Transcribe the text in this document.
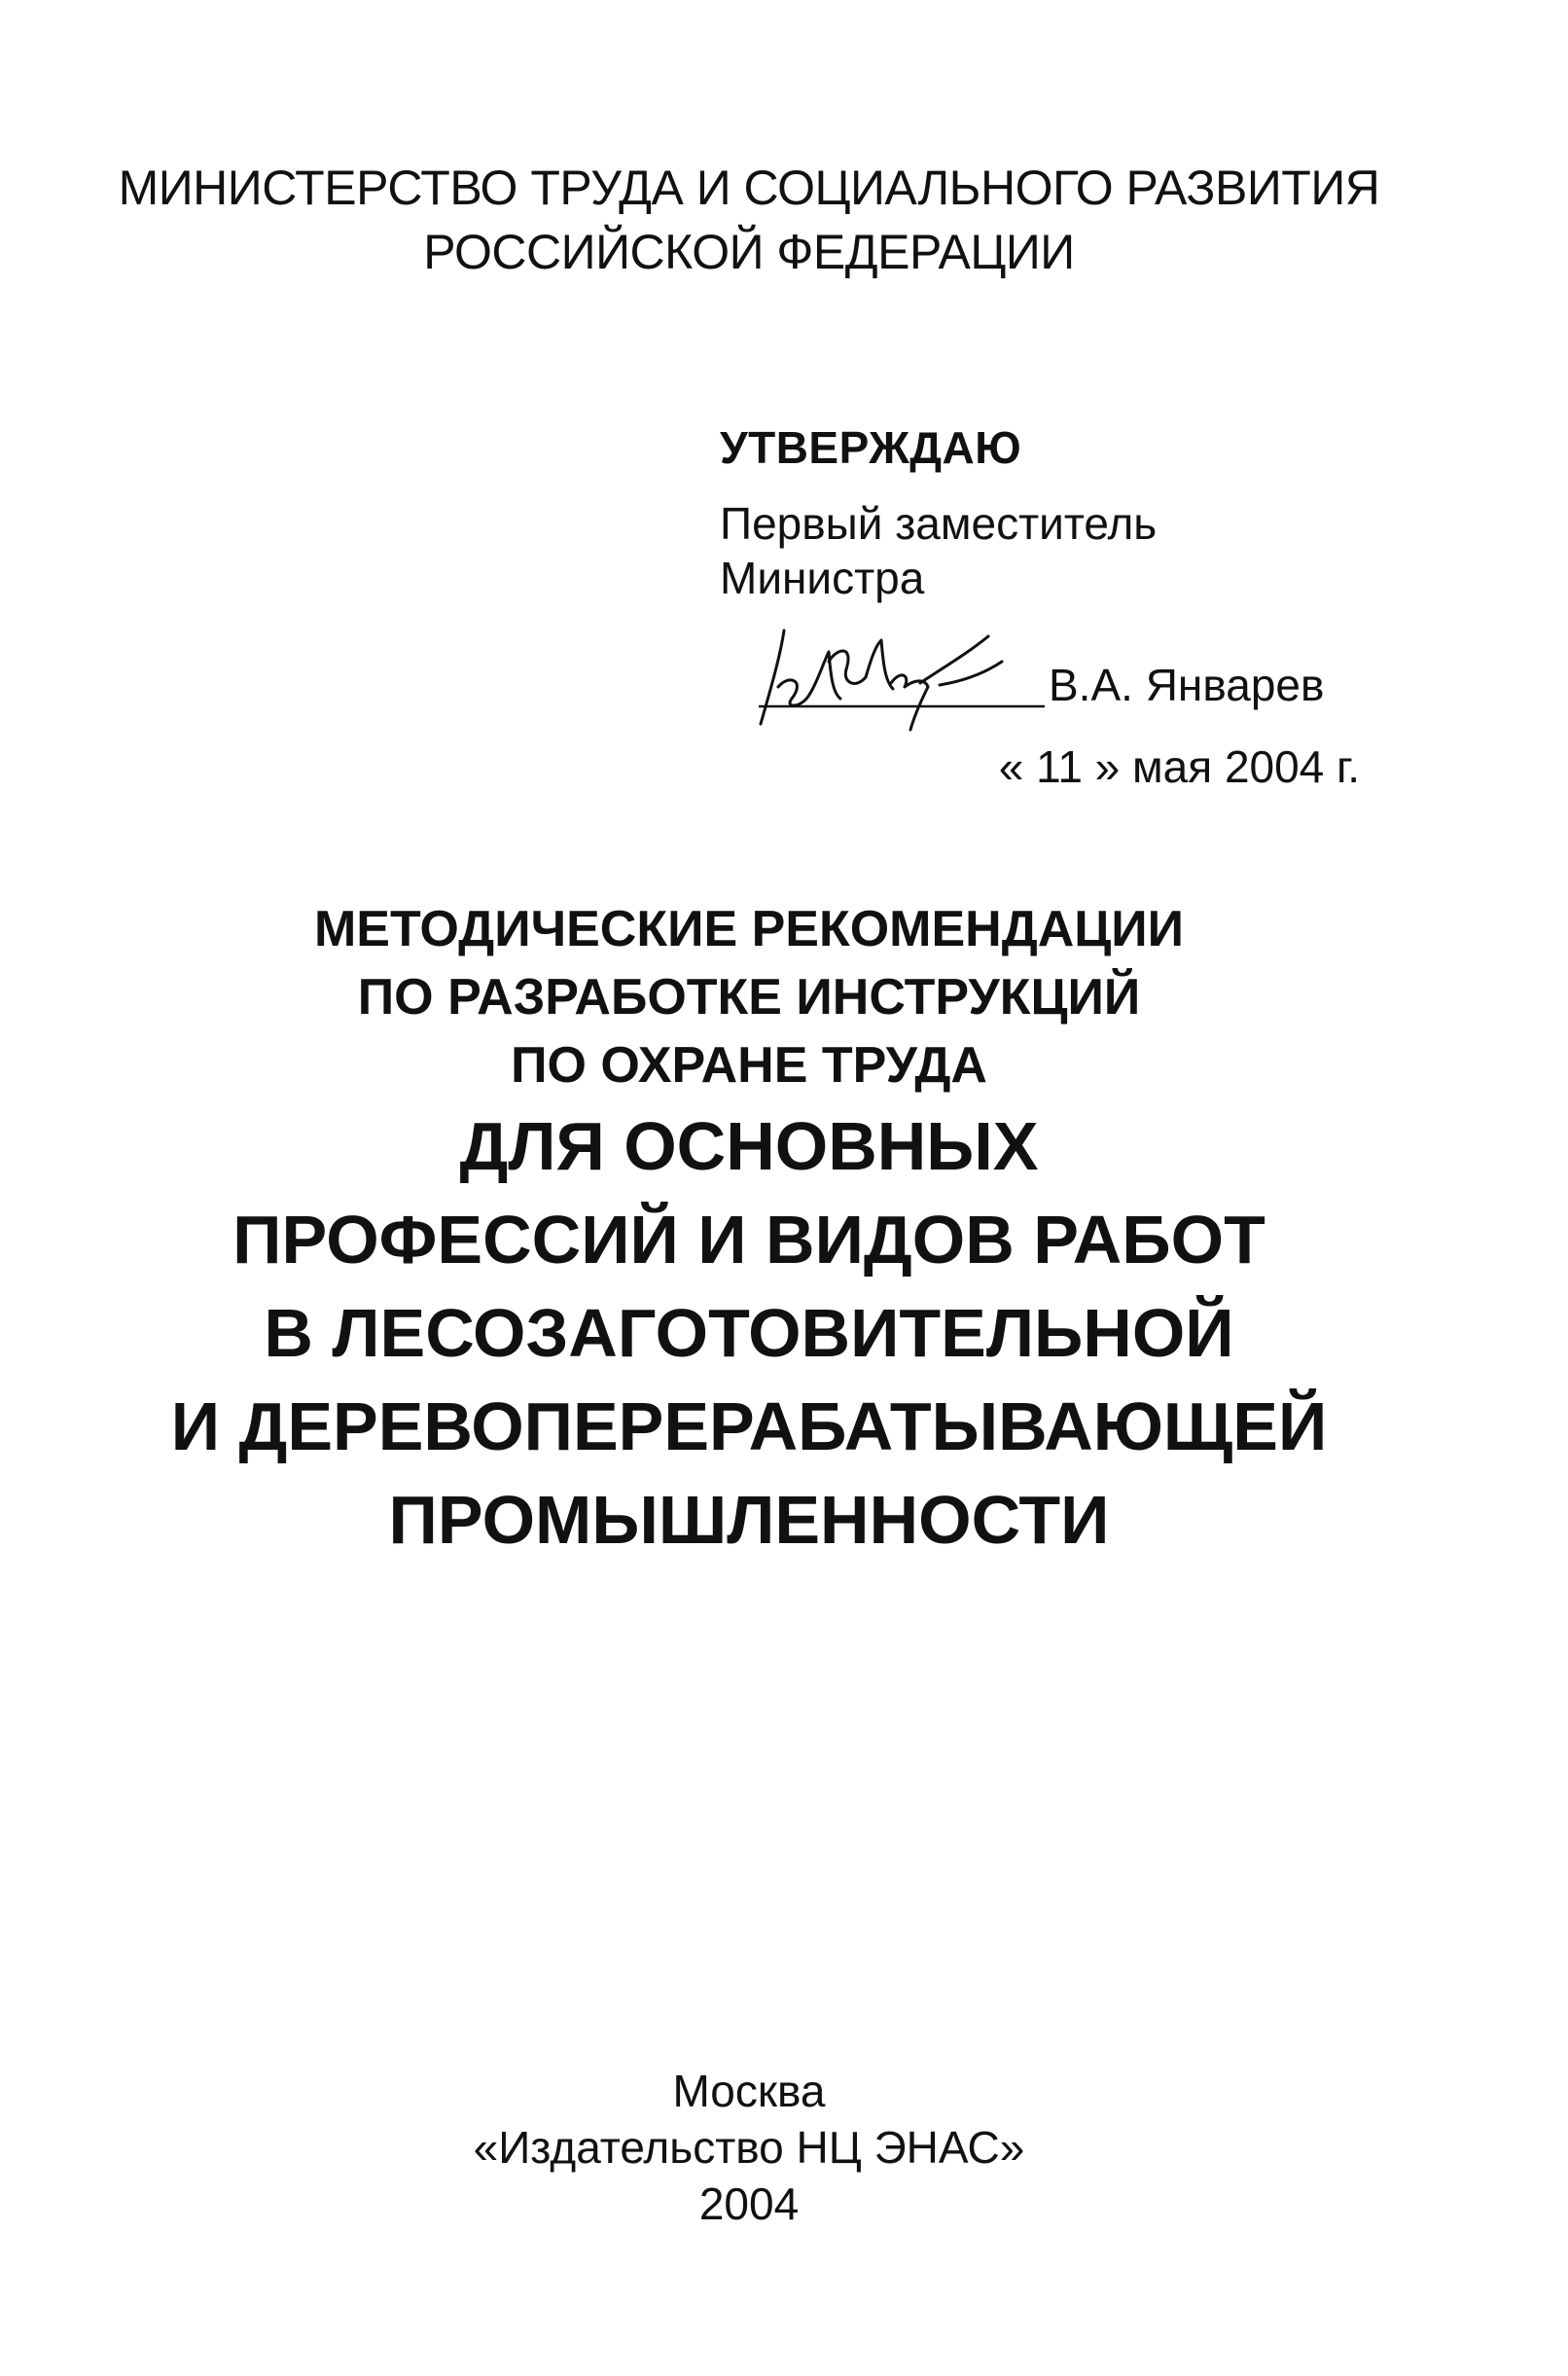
МИНИСТЕРСТВО ТРУДА И СОЦИАЛЬНОГО РАЗВИТИЯ
РОССИЙСКОЙ ФЕДЕРАЦИИ
УТВЕРЖДАЮ
Первый заместитель
Министра
В.А. Январев
« 11 » мая 2004 г.
МЕТОДИЧЕСКИЕ РЕКОМЕНДАЦИИ
ПО РАЗРАБОТКЕ ИНСТРУКЦИЙ
ПО ОХРАНЕ ТРУДА
ДЛЯ ОСНОВНЫХ
ПРОФЕССИЙ И ВИДОВ РАБОТ
В ЛЕСОЗАГОТОВИТЕЛЬНОЙ
И ДЕРЕВОПЕРЕРАБАТЫВАЮЩЕЙ
ПРОМЫШЛЕННОСТИ
Москва
«Издательство НЦ ЭНАС»
2004
